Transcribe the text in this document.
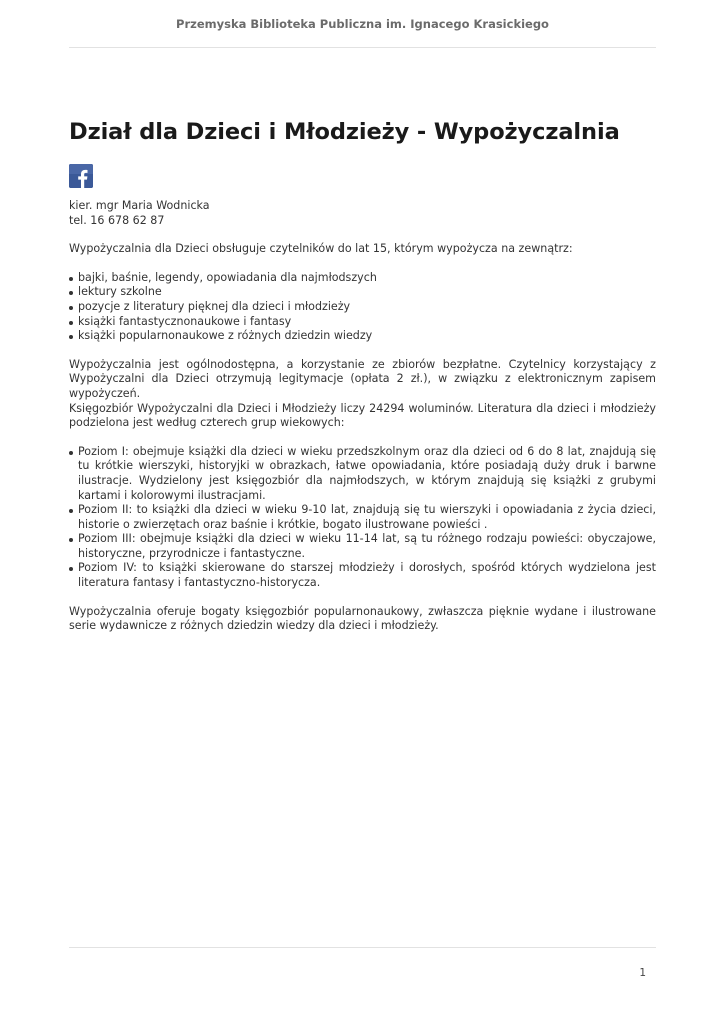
Przemyska Biblioteka Publiczna im. Ignacego Krasickiego
Dział dla Dzieci i Młodzieży - Wypożyczalnia

kier. mgr Maria Wodnicka

tel. 16 678 62 87

Wypożyczalnia dla Dzieci obsługuje czytelników do lat 15, którym wypożycza na zewnątrz:

bajki, baśnie, legendy, opowiadania dla najmłodszych
lektury szkolne
pozycje z literatury pięknej dla dzieci i młodzieży
książki fantastycznonaukowe i fantasy
książki popularnonaukowe z różnych dziedzin wiedzy

Wypożyczalnia jest ogólnodostępna, a korzystanie ze zbiorów bezpłatne. Czytelnicy korzystający z Wypożyczalni dla Dzieci otrzymują legitymacje (opłata 2 zł.), w związku z elektronicznym zapisem wypożyczeń.

Księgozbiór Wypożyczalni dla Dzieci i Młodzieży liczy 24294 woluminów. Literatura dla dzieci i młodzieży podzielona jest według czterech grup wiekowych:

Poziom I: obejmuje książki dla dzieci w wieku przedszkolnym oraz dla dzieci od 6 do 8 lat, znajdują się tu krótkie wierszyki, historyjki w obrazkach, łatwe opowiadania, które posiadają duży druk i barwne ilustracje. Wydzielony jest księgozbiór dla najmłodszych, w którym znajdują się książki z grubymi kartami i kolorowymi ilustracjami.
Poziom II: to książki dla dzieci w wieku 9-10 lat, znajdują się tu wierszyki i opowiadania z życia dzieci, historie o zwierzętach oraz baśnie i krótkie, bogato ilustrowane powieści .
Poziom III: obejmuje książki dla dzieci w wieku 11-14 lat, są tu różnego rodzaju powieści: obyczajowe, historyczne, przyrodnicze i fantastyczne.
Poziom IV: to książki skierowane do starszej młodzieży i dorosłych, spośród których wydzielona jest literatura fantasy i fantastyczno-historycza.

Wypożyczalnia oferuje bogaty księgozbiór popularnonaukowy, zwłaszcza pięknie wydane i ilustrowane serie wydawnicze z różnych dziedzin wiedzy dla dzieci i młodzieży.

1
